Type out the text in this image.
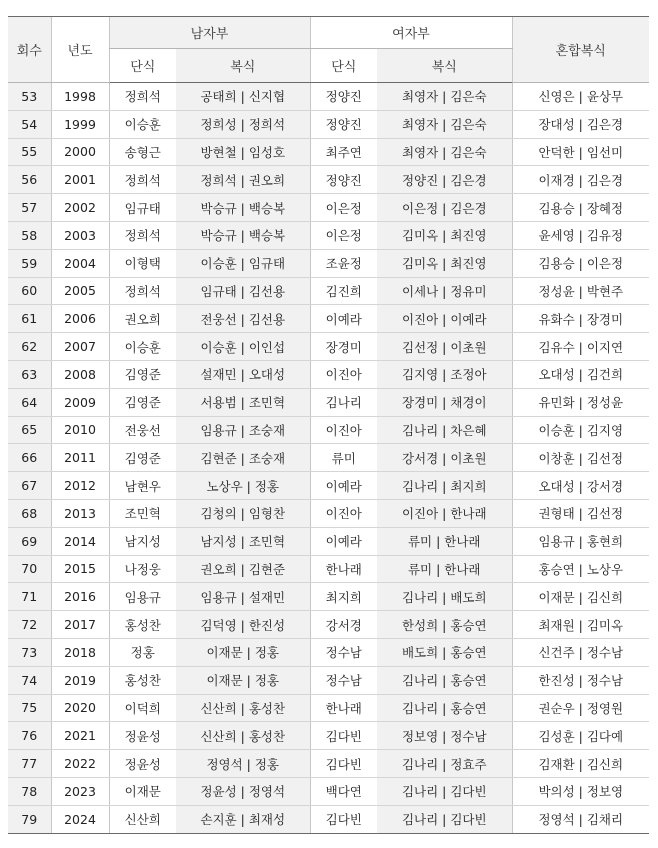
회수	년도	남자부		여자부		혼합복식
		단식	복식	단식	복식	
53	1998	정희석	공태희 | 신지협	정양진	최영자 | 김은숙	신영은 | 윤상무
54	1999	이승훈	정희성 | 정희석	정양진	최영자 | 김은숙	장대성 | 김은경
55	2000	송형근	방현철 | 임성호	최주연	최영자 | 김은숙	안덕한 | 임선미
56	2001	정희석	정희석 | 권오희	정양진	정양진 | 김은경	이재경 | 김은경
57	2002	임규태	박승규 | 백승복	이은정	이은정 | 김은경	김용승 | 장혜정
58	2003	정희석	박승규 | 백승복	이은정	김미옥 | 최진영	윤세영 | 김유정
59	2004	이형택	이승훈 | 임규태	조윤정	김미옥 | 최진영	김용승 | 이은정
60	2005	정희석	임규태 | 김선용	김진희	이세나 | 정유미	정성윤 | 박현주
61	2006	권오희	전웅선 | 김선용	이예라	이진아 | 이예라	유화수 | 장경미
62	2007	이승훈	이승훈 | 이인섭	장경미	김선정 | 이초원	김유수 | 이지연
63	2008	김영준	설재민 | 오대성	이진아	김지영 | 조정아	오대성 | 김건희
64	2009	김영준	서용범 | 조민혁	김나리	장경미 | 채경이	유민화 | 정성윤
65	2010	전웅선	임용규 | 조숭재	이진아	김나리 | 차은혜	이승훈 | 김지영
66	2011	김영준	김현준 | 조숭재	류미	강서경 | 이초원	이창훈 | 김선정
67	2012	남현우	노상우 | 정홍	이예라	김나리 | 최지희	오대성 | 강서경
68	2013	조민혁	김청의 | 임형찬	이진아	이진아 | 한나래	권형태 | 김선정
69	2014	남지성	남지성 | 조민혁	이예라	류미 | 한나래	임용규 | 홍현희
70	2015	나정웅	권오희 | 김현준	한나래	류미 | 한나래	홍승연 | 노상우
71	2016	임용규	임용규 | 설재민	최지희	김나리 | 배도희	이재문 | 김신희
72	2017	홍성찬	김덕영 | 한진성	강서경	한성희 | 홍승연	최재원 | 김미옥
73	2018	정홍	이재문 | 정홍	정수남	배도희 | 홍승연	신건주 | 정수남
74	2019	홍성찬	이재문 | 정홍	정수남	김나리 | 홍승연	한진성 | 정수남
75	2020	이덕희	신산희 | 홍성찬	한나래	김나리 | 홍승연	권순우 | 정영원
76	2021	정윤성	신산희 | 홍성찬	김다빈	정보영 | 정수남	김성훈 | 김다예
77	2022	정윤성	정영석 | 정홍	김다빈	김나리 | 정효주	김재환 | 김신희
78	2023	이재문	정윤성 | 정영석	백다연	김나리 | 김다빈	박의성 | 정보영
79	2024	신산희	손지훈 | 최재성	김다빈	김나리 | 김다빈	정영석 | 김채리
